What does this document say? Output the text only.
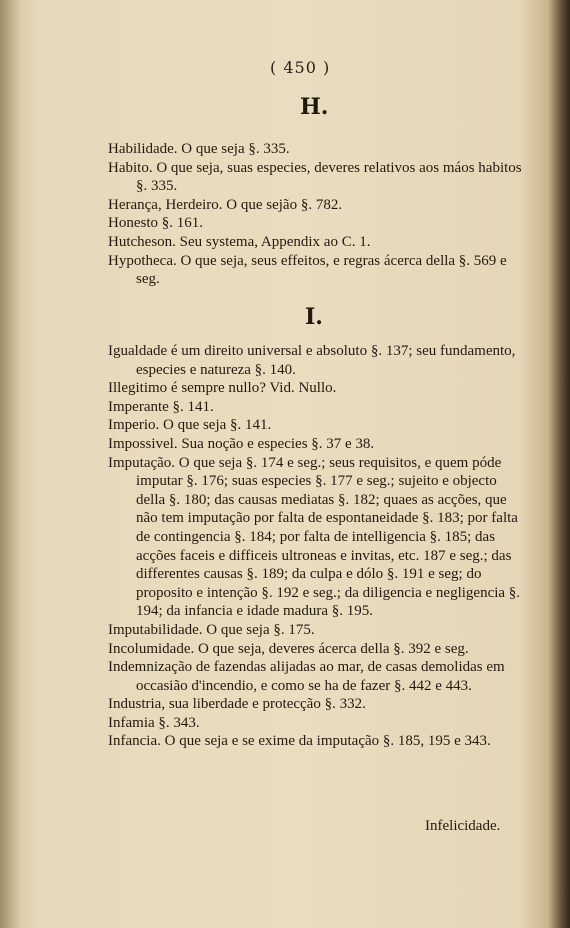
( 450 )
H.

Habilidade. O que seja §. 335.

Habito. O que seja, suas especies, deveres relativos aos máos habitos §. 335.

Herança, Herdeiro. O que sejão §. 782.

Honesto §. 161.

Hutcheson. Seu systema, Appendix ao C. 1.

Hypotheca. O que seja, seus effeitos, e regras ácerca della §. 569 e seg.

I.

Igualdade é um direito universal e absoluto §. 137; seu fundamento, especies e natureza §. 140.

Illegitimo é sempre nullo? Vid. Nullo.

Imperante §. 141.

Imperio. O que seja §. 141.

Impossivel. Sua noção e especies §. 37 e 38.

Imputação. O que seja §. 174 e seg.; seus requisitos, e quem póde imputar §. 176; suas especies §. 177 e seg.; sujeito e objecto della §. 180; das causas mediatas §. 182; quaes as acções, que não tem imputação por falta de espontaneidade §. 183; por falta de contingencia §. 184; por falta de intelligencia §. 185; das acções faceis e difficeis ultroneas e invitas, etc. 187 e seg.; das differentes causas §. 189; da culpa e dólo §. 191 e seg; do proposito e intenção §. 192 e seg.; da diligencia e negligencia §. 194; da infancia e idade madura §. 195.

Imputabilidade. O que seja §. 175.

Incolumidade. O que seja, deveres ácerca della §. 392 e seg.

Indemnização de fazendas alijadas ao mar, de casas demolidas em occasião d'incendio, e como se ha de fazer §. 442 e 443.

Industria, sua liberdade e protecção §. 332.

Infamia §. 343.

Infancia. O que seja e se exime da imputação §. 185, 195 e 343.

Infelicidade.
